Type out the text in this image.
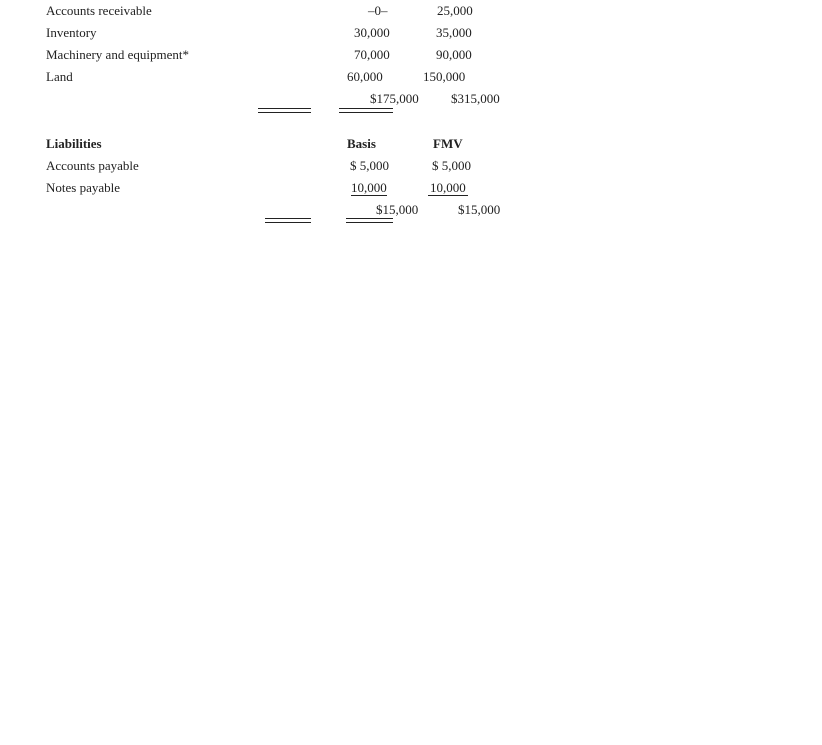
Accounts receivable	–0–	25,000
Inventory	30,000	35,000
Machinery and equipment*	70,000	90,000
Land	60,000	150,000
$175,000 $315,000
Liabilities	Basis	FMV
Accounts payable	$ 5,000	$ 5,000
Notes payable	10,000	10,000
$15,000	$15,000
